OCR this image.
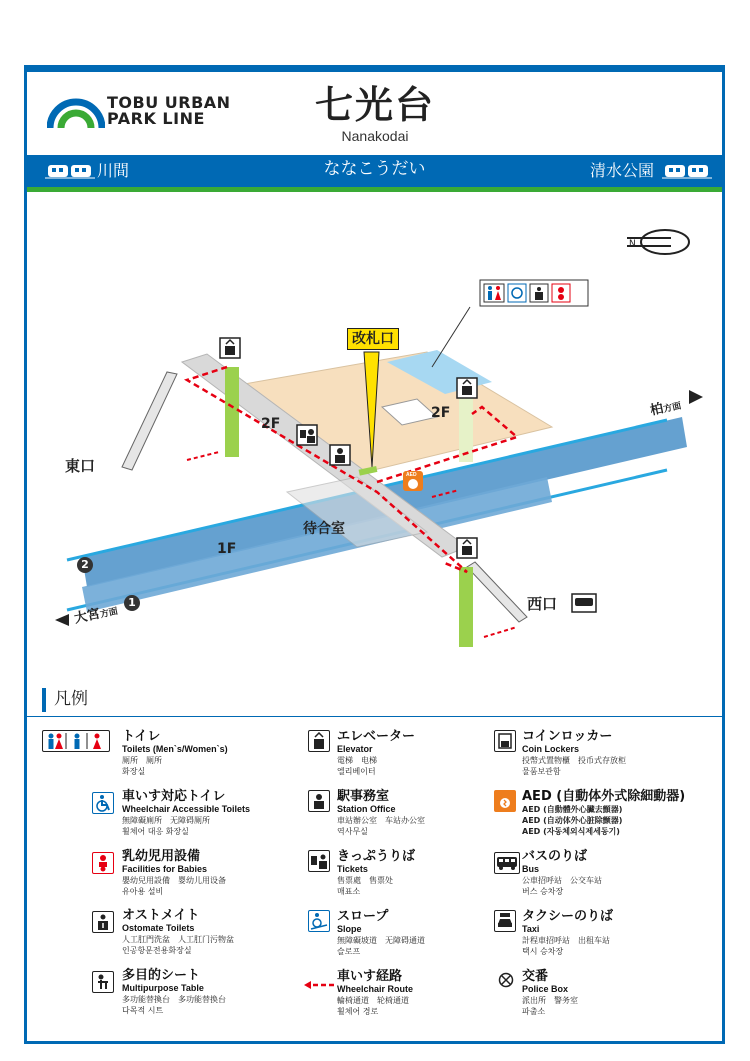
TOBU URBAN
PARK LINE	七光台
Nanakodai
川間	ななこうだい	清水公園
N
改札口
2F
2F
1F
待合室
東口
西口
柏方面
大宮方面
2
1
AED
凡例
トイレ
Toilets (Men`s/Women`s)
厕所　厕所
화장실
車いす対応トイレ
Wheelchair Accessible Toilets
無障礙廁所　无障碍厕所
휠체어 대응 화장실
乳幼児用設備
Facilities for Babies
嬰幼兒用設備　婴幼儿用设备
유아용 설비
オストメイト
Ostomate Toilets
人工肛門洗盆　人工肛门污物盆
인공항문전용화장실
多目的シート
Multipurpose Table
多功能替換台　多功能替换台
다목적 시트
エレベーター
Elevator
電梯　电梯
엘리베이터
駅事務室
Station Office
車站辦公室　车站办公室
역사무실
きっぷうりば
Tickets
售票處　售票处
매표소
スロープ
Slope
無障礙坡道　无障碍通道
슬로프
車いす経路
Wheelchair Route
輪椅通道　轮椅通道
휠체어 경로
コインロッカー
Coin Lockers
投幣式置物櫃　投币式存放柜
물품보관함
AED (自動体外式除細動器)
AED (自動體外心臟去顫器)
AED (自动体外心脏除颤器)
AED (자동체외식제세동기)
バスのりば
Bus
公車招呼站　公交车站
버스 승차장
タクシーのりば
Taxi
計程車招呼站　出租车站
택시 승차장
交番
Police Box
派出所　警务室
파출소
